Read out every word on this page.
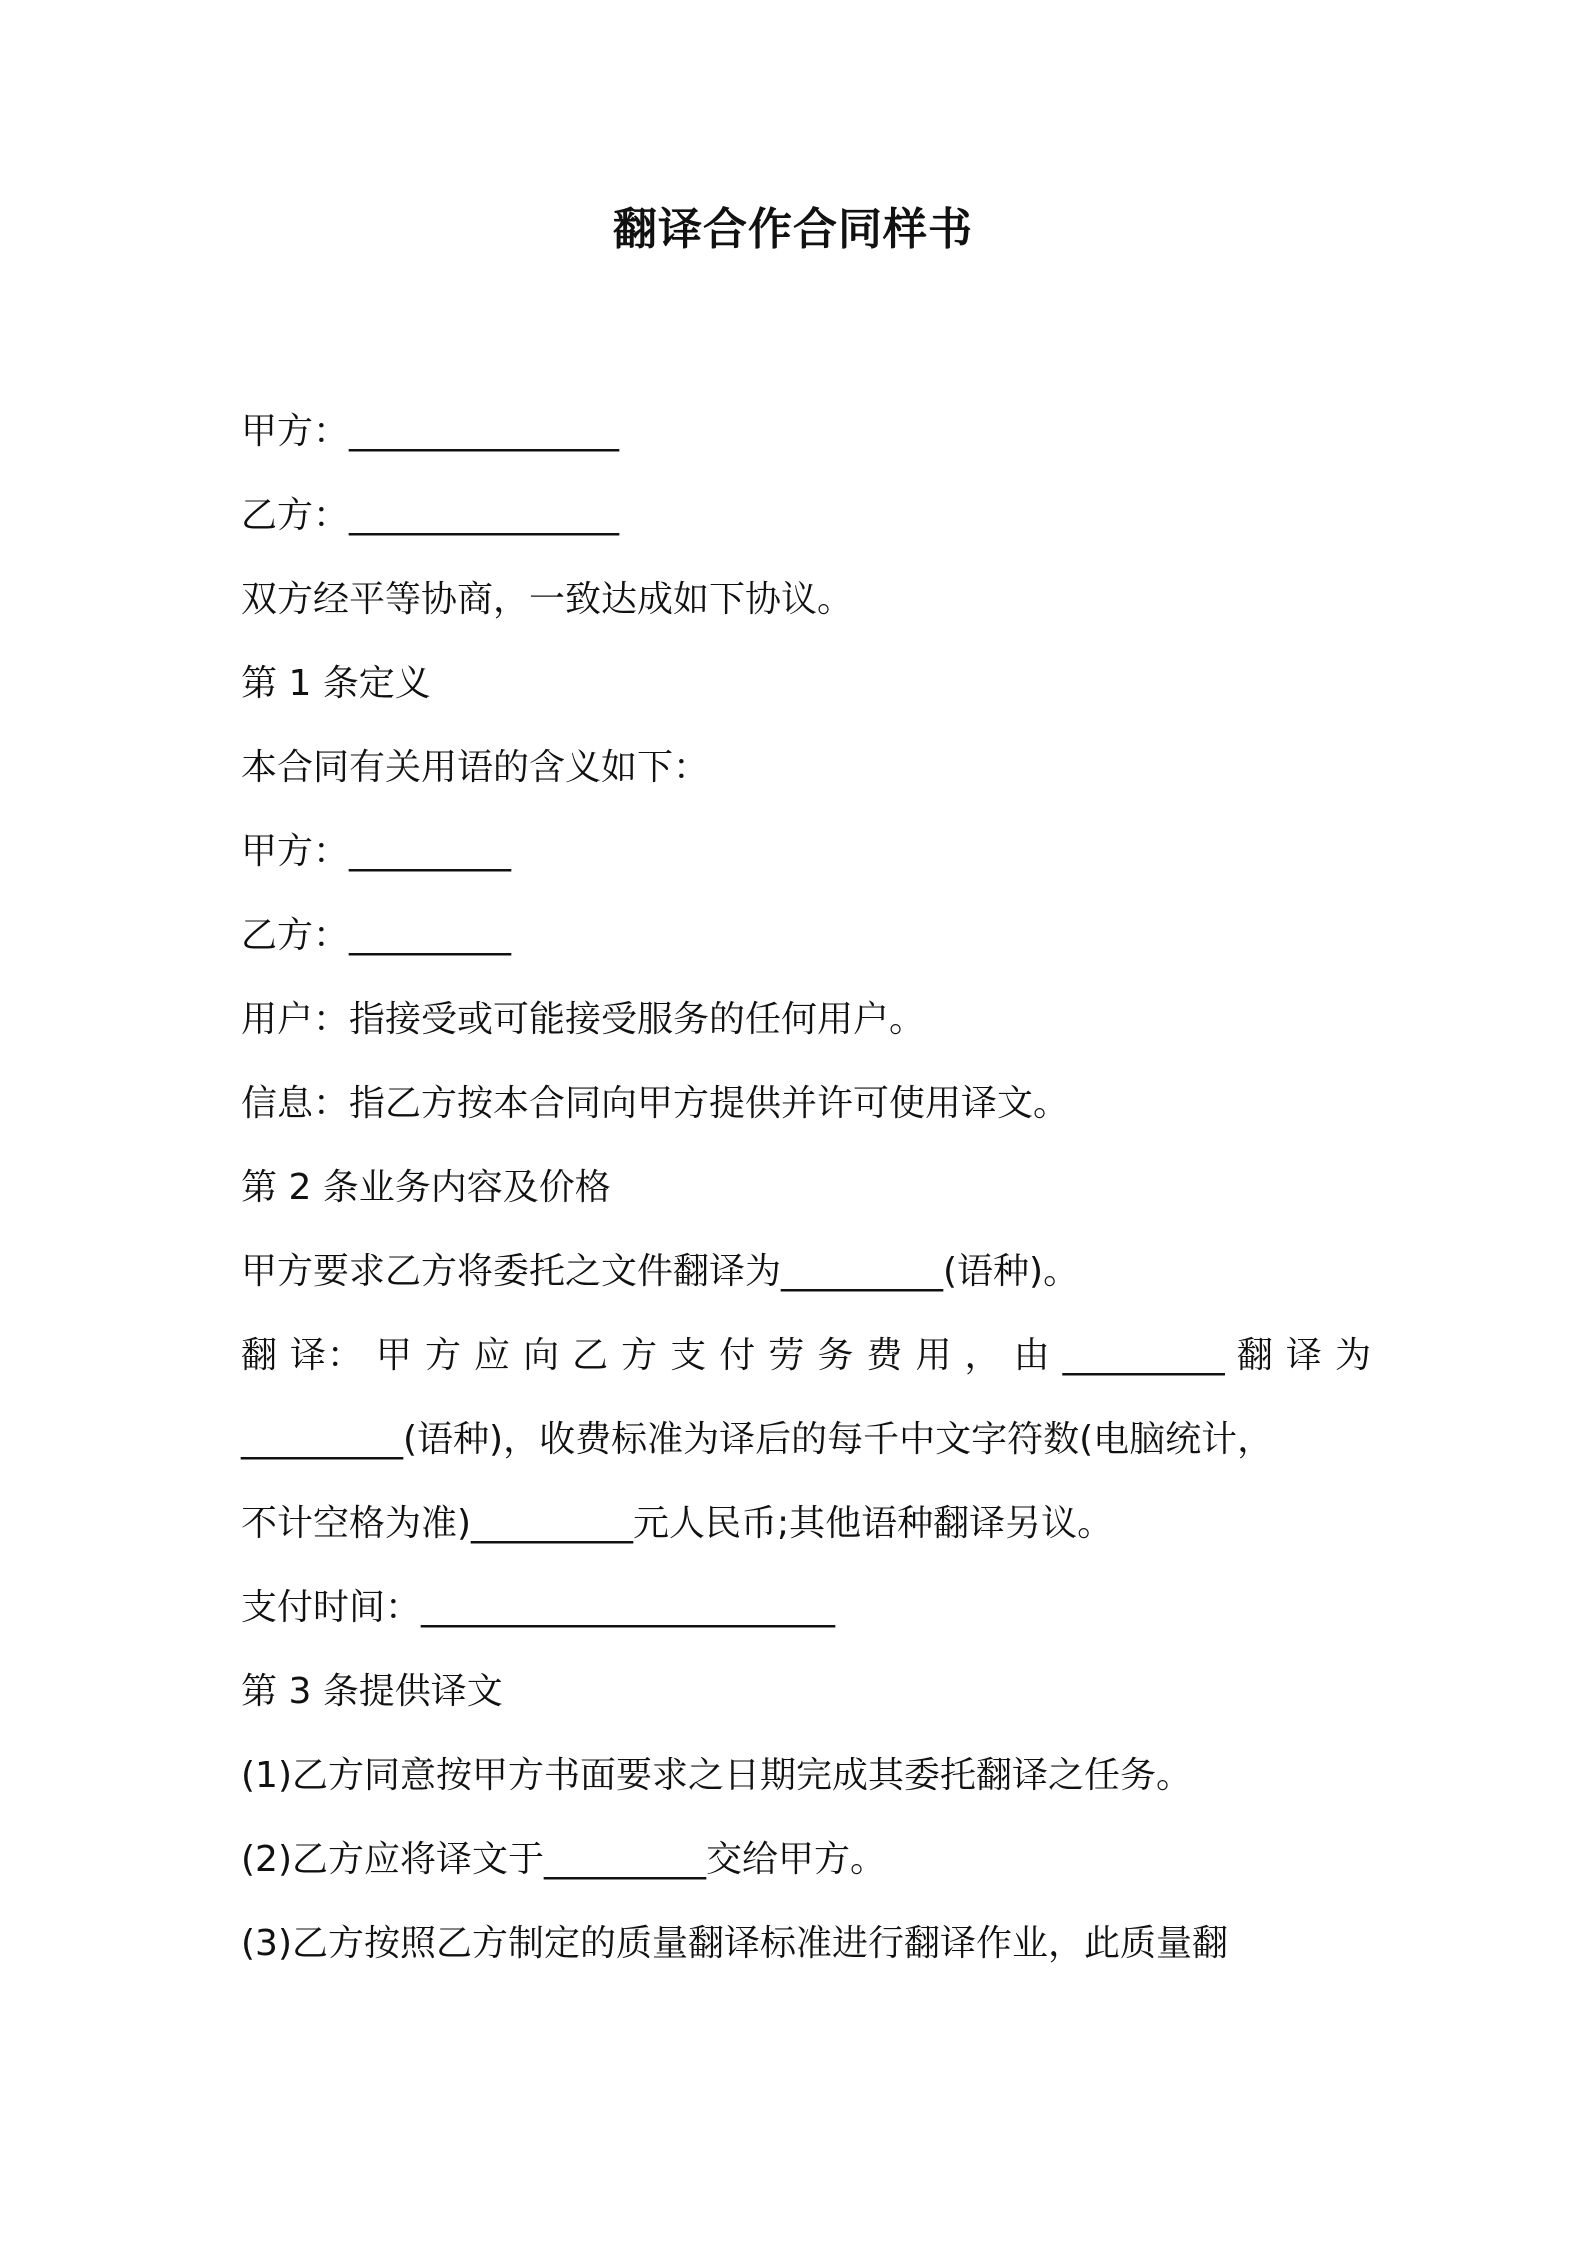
翻译合作合同样书

甲方：_______________

乙方：_______________

双方经平等协商，一致达成如下协议。

第 1 条定义

本合同有关用语的含义如下：

甲方：_________

乙方：_________

用户：指接受或可能接受服务的任何用户。

信息：指乙方按本合同向甲方提供并许可使用译文。

第 2 条业务内容及价格

甲方要求乙方将委托之文件翻译为_________(语种)。

翻 译： 甲 方 应 向 乙 方 支 付 劳 务 费 用 ， 由 _________ 翻 译 为

_________(语种)，收费标准为译后的每千中文字符数(电脑统计，

不计空格为准)_________元人民币;其他语种翻译另议。

支付时间：_______________________

第 3 条提供译文

(1)乙方同意按甲方书面要求之日期完成其委托翻译之任务。

(2)乙方应将译文于_________交给甲方。

(3)乙方按照乙方制定的质量翻译标准进行翻译作业，此质量翻
